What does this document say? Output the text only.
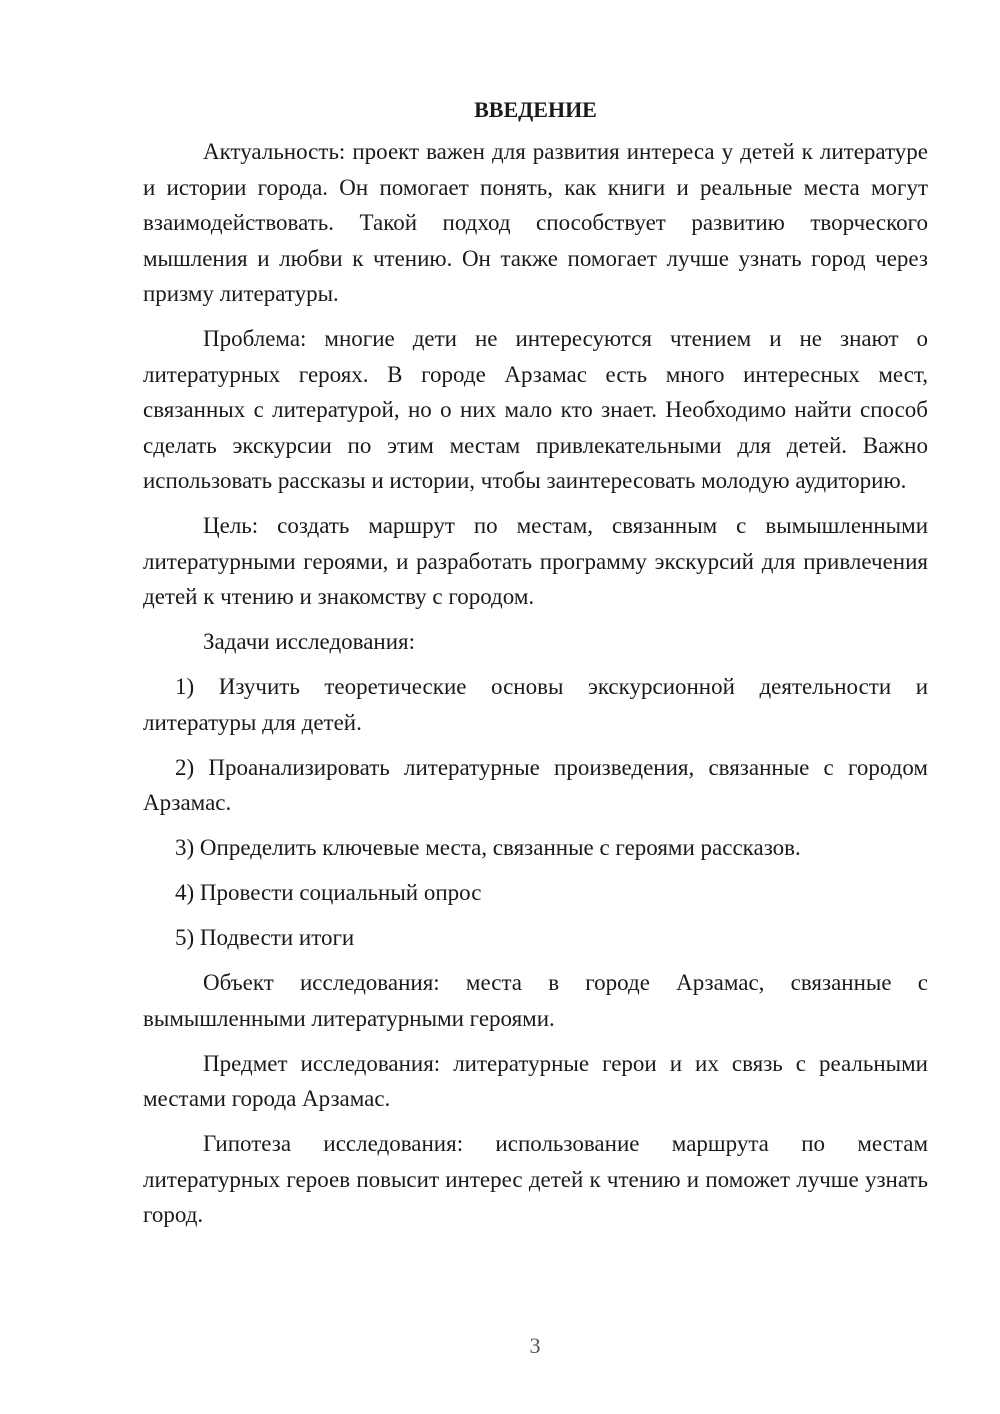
ВВЕДЕНИЕ

Актуальность: проект важен для развития интереса у детей к литературе и истории города. Он помогает понять, как книги и реальные места могут взаимодействовать. Такой подход способствует развитию творческого мышления и любви к чтению. Он также помогает лучше узнать город через призму литературы.

Проблема: многие дети не интересуются чтением и не знают о литературных героях. В городе Арзамас есть много интересных мест, связанных с литературой, но о них мало кто знает. Необходимо найти способ сделать экскурсии по этим местам привлекательными для детей. Важно использовать рассказы и истории, чтобы заинтересовать молодую аудиторию.

Цель: создать маршрут по местам, связанным с вымышленными литературными героями, и разработать программу экскурсий для привлечения детей к чтению и знакомству с городом.

Задачи исследования:

1) Изучить теоретические основы экскурсионной деятельности и литературы для детей.

2) Проанализировать литературные произведения, связанные с городом Арзамас.

3) Определить ключевые места, связанные с героями рассказов.

4) Провести социальный опрос

5) Подвести итоги

Объект исследования: места в городе Арзамас, связанные с вымышленными литературными героями.

Предмет исследования: литературные герои и их связь с реальными местами города Арзамас.

Гипотеза исследования: использование маршрута по местам литературных героев повысит интерес детей к чтению и поможет лучше узнать город.

3
